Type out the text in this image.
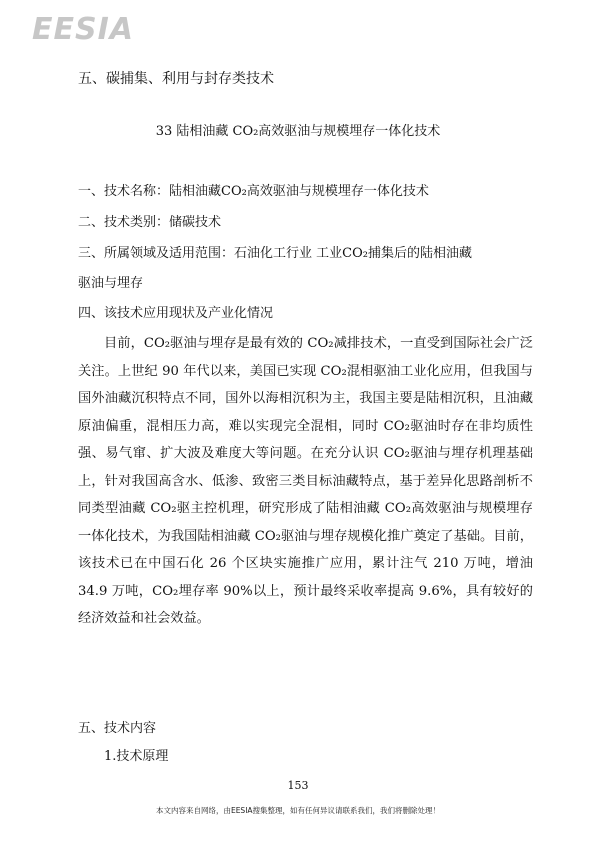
EESIA
五、碳捕集、利用与封存类技术
33 陆相油藏 CO₂高效驱油与规模埋存一体化技术
一、技术名称：陆相油藏CO₂高效驱油与规模埋存一体化技术
二、技术类别：储碳技术
三、所属领域及适用范围：石油化工行业 工业CO₂捕集后的陆相油藏
驱油与埋存
四、该技术应用现状及产业化情况
目前，CO₂驱油与埋存是最有效的 CO₂减排技术，一直受到国际社会广泛关注。上世纪 90 年代以来，美国已实现 CO₂混相驱油工业化应用，但我国与国外油藏沉积特点不同，国外以海相沉积为主，我国主要是陆相沉积，且油藏原油偏重，混相压力高，难以实现完全混相，同时 CO₂驱油时存在非均质性强、易气窜、扩大波及难度大等问题。在充分认识 CO₂驱油与埋存机理基础上，针对我国高含水、低渗、致密三类目标油藏特点，基于差异化思路剖析不同类型油藏 CO₂驱主控机理，研究形成了陆相油藏 CO₂高效驱油与规模埋存一体化技术，为我国陆相油藏 CO₂驱油与埋存规模化推广奠定了基础。目前，该技术已在中国石化 26 个区块实施推广应用，累计注气 210 万吨，增油 34.9 万吨，CO₂埋存率 90%以上，预计最终采收率提高 9.6%，具有较好的经济效益和社会效益。
五、技术内容
1.技术原理
153
本文内容来自网络，由EESIA搜集整理，如有任何异议请联系我们，我们将删除处理！
